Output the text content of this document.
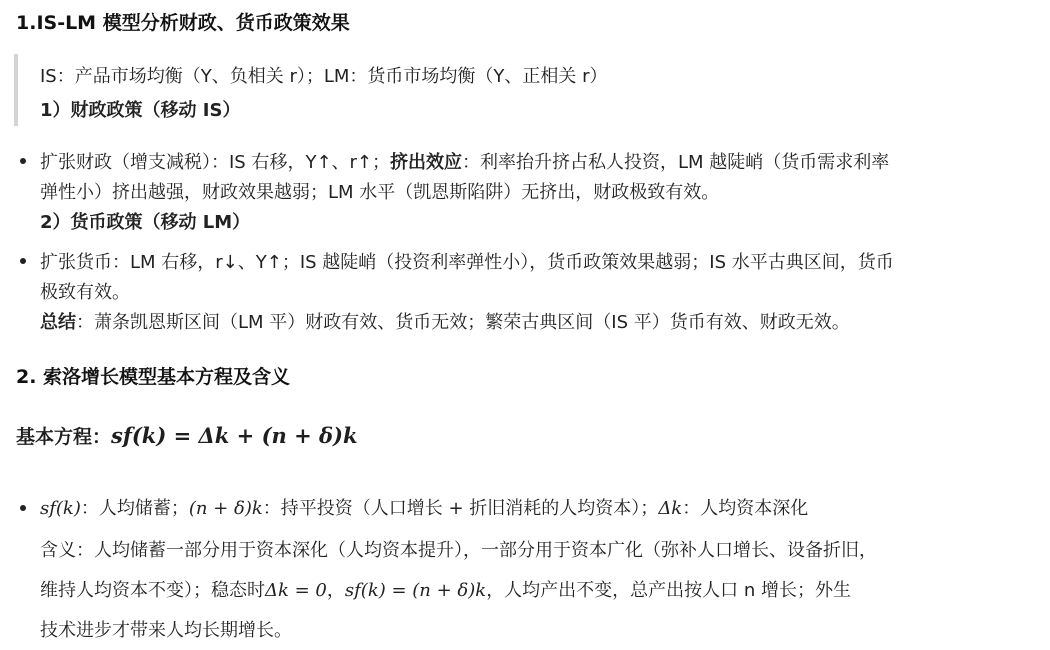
1.IS-LM 模型分析财政、货币政策效果
IS：产品市场均衡（Y、负相关 r）；LM：货币市场均衡（Y、正相关 r）
1）财政政策（移动 IS）
扩张财政（增支减税）：IS 右移，Y↑、r↑；挤出效应：利率抬升挤占私人投资，LM 越陡峭（货币需求利率
弹性小）挤出越强，财政效果越弱；LM 水平（凯恩斯陷阱）无挤出，财政极致有效。
2）货币政策（移动 LM）
扩张货币：LM 右移，r↓、Y↑；IS 越陡峭（投资利率弹性小），货币政策效果越弱；IS 水平古典区间，货币
极致有效。
总结：萧条凯恩斯区间（LM 平）财政有效、货币无效；繁荣古典区间（IS 平）货币有效、财政无效。
2. 索洛增长模型基本方程及含义
基本方程：sf(k) = Δk + (n + δ)k
sf(k)：人均储蓄；(n + δ)k：持平投资（人口增长 + 折旧消耗的人均资本）；Δk：人均资本深化
含义：人均储蓄一部分用于资本深化（人均资本提升），一部分用于资本广化（弥补人口增长、设备折旧，
维持人均资本不变）；稳态时Δk = 0，sf(k) = (n + δ)k，人均产出不变，总产出按人口 n 增长；外生
技术进步才带来人均长期增长。
